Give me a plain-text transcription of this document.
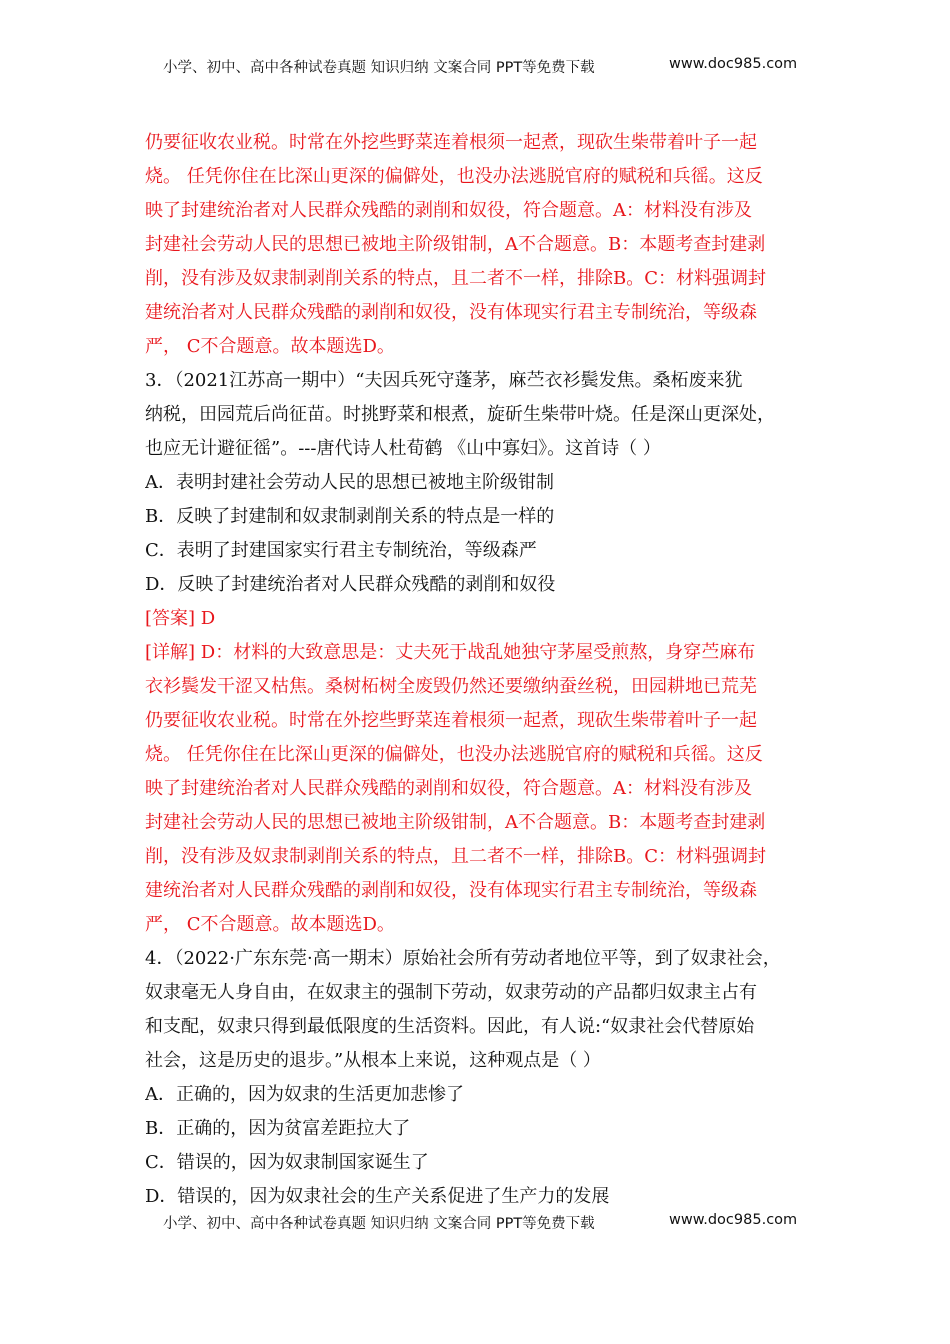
小学、初中、高中各种试卷真题 知识归纳 文案合同 PPT等免费下载	www.doc985.com
仍要征收农业税。时常在外挖些野菜连着根须一起煮，现砍生柴带着叶子一起
烧。 任凭你住在比深山更深的偏僻处，也没办法逃脱官府的赋税和兵徭。这反
映了封建统治者对人民群众残酷的剥削和奴役，符合题意。A：材料没有涉及
封建社会劳动人民的思想已被地主阶级钳制，A不合题意。B：本题考查封建剥
削，没有涉及奴隶制剥削关系的特点，且二者不一样，排除B。C：材料强调封
建统治者对人民群众残酷的剥削和奴役，没有体现实行君主专制统治，等级森
严， C不合题意。故本题选D。
3．（2021江苏高一期中）“夫因兵死守蓬茅，麻苎衣衫鬓发焦。桑柘废来犹
纳税，田园荒后尚征苗。时挑野菜和根煮，旋斫生柴带叶烧。任是深山更深处，
也应无计避征徭”。---唐代诗人杜荀鹤 《山中寡妇》。这首诗（ ）
A．表明封建社会劳动人民的思想已被地主阶级钳制
B．反映了封建制和奴隶制剥削关系的特点是一样的
C．表明了封建国家实行君主专制统治，等级森严
D．反映了封建统治者对人民群众残酷的剥削和奴役
[答案] D
[详解] D：材料的大致意思是：丈夫死于战乱她独守茅屋受煎熬，身穿苎麻布
衣衫鬓发干涩又枯焦。桑树柘树全废毁仍然还要缴纳蚕丝税，田园耕地已荒芜
仍要征收农业税。时常在外挖些野菜连着根须一起煮，现砍生柴带着叶子一起
烧。 任凭你住在比深山更深的偏僻处，也没办法逃脱官府的赋税和兵徭。这反
映了封建统治者对人民群众残酷的剥削和奴役，符合题意。A：材料没有涉及
封建社会劳动人民的思想已被地主阶级钳制，A不合题意。B：本题考查封建剥
削，没有涉及奴隶制剥削关系的特点，且二者不一样，排除B。C：材料强调封
建统治者对人民群众残酷的剥削和奴役，没有体现实行君主专制统治，等级森
严， C不合题意。故本题选D。
4．（2022·广东东莞·高一期末）原始社会所有劳动者地位平等，到了奴隶社会，
奴隶毫无人身自由，在奴隶主的强制下劳动，奴隶劳动的产品都归奴隶主占有
和支配，奴隶只得到最低限度的生活资料。因此，有人说:“奴隶社会代替原始
社会，这是历史的退步。”从根本上来说，这种观点是（ ）
A．正确的，因为奴隶的生活更加悲惨了
B．正确的，因为贫富差距拉大了
C．错误的，因为奴隶制国家诞生了
D．错误的，因为奴隶社会的生产关系促进了生产力的发展
小学、初中、高中各种试卷真题 知识归纳 文案合同 PPT等免费下载	www.doc985.com
